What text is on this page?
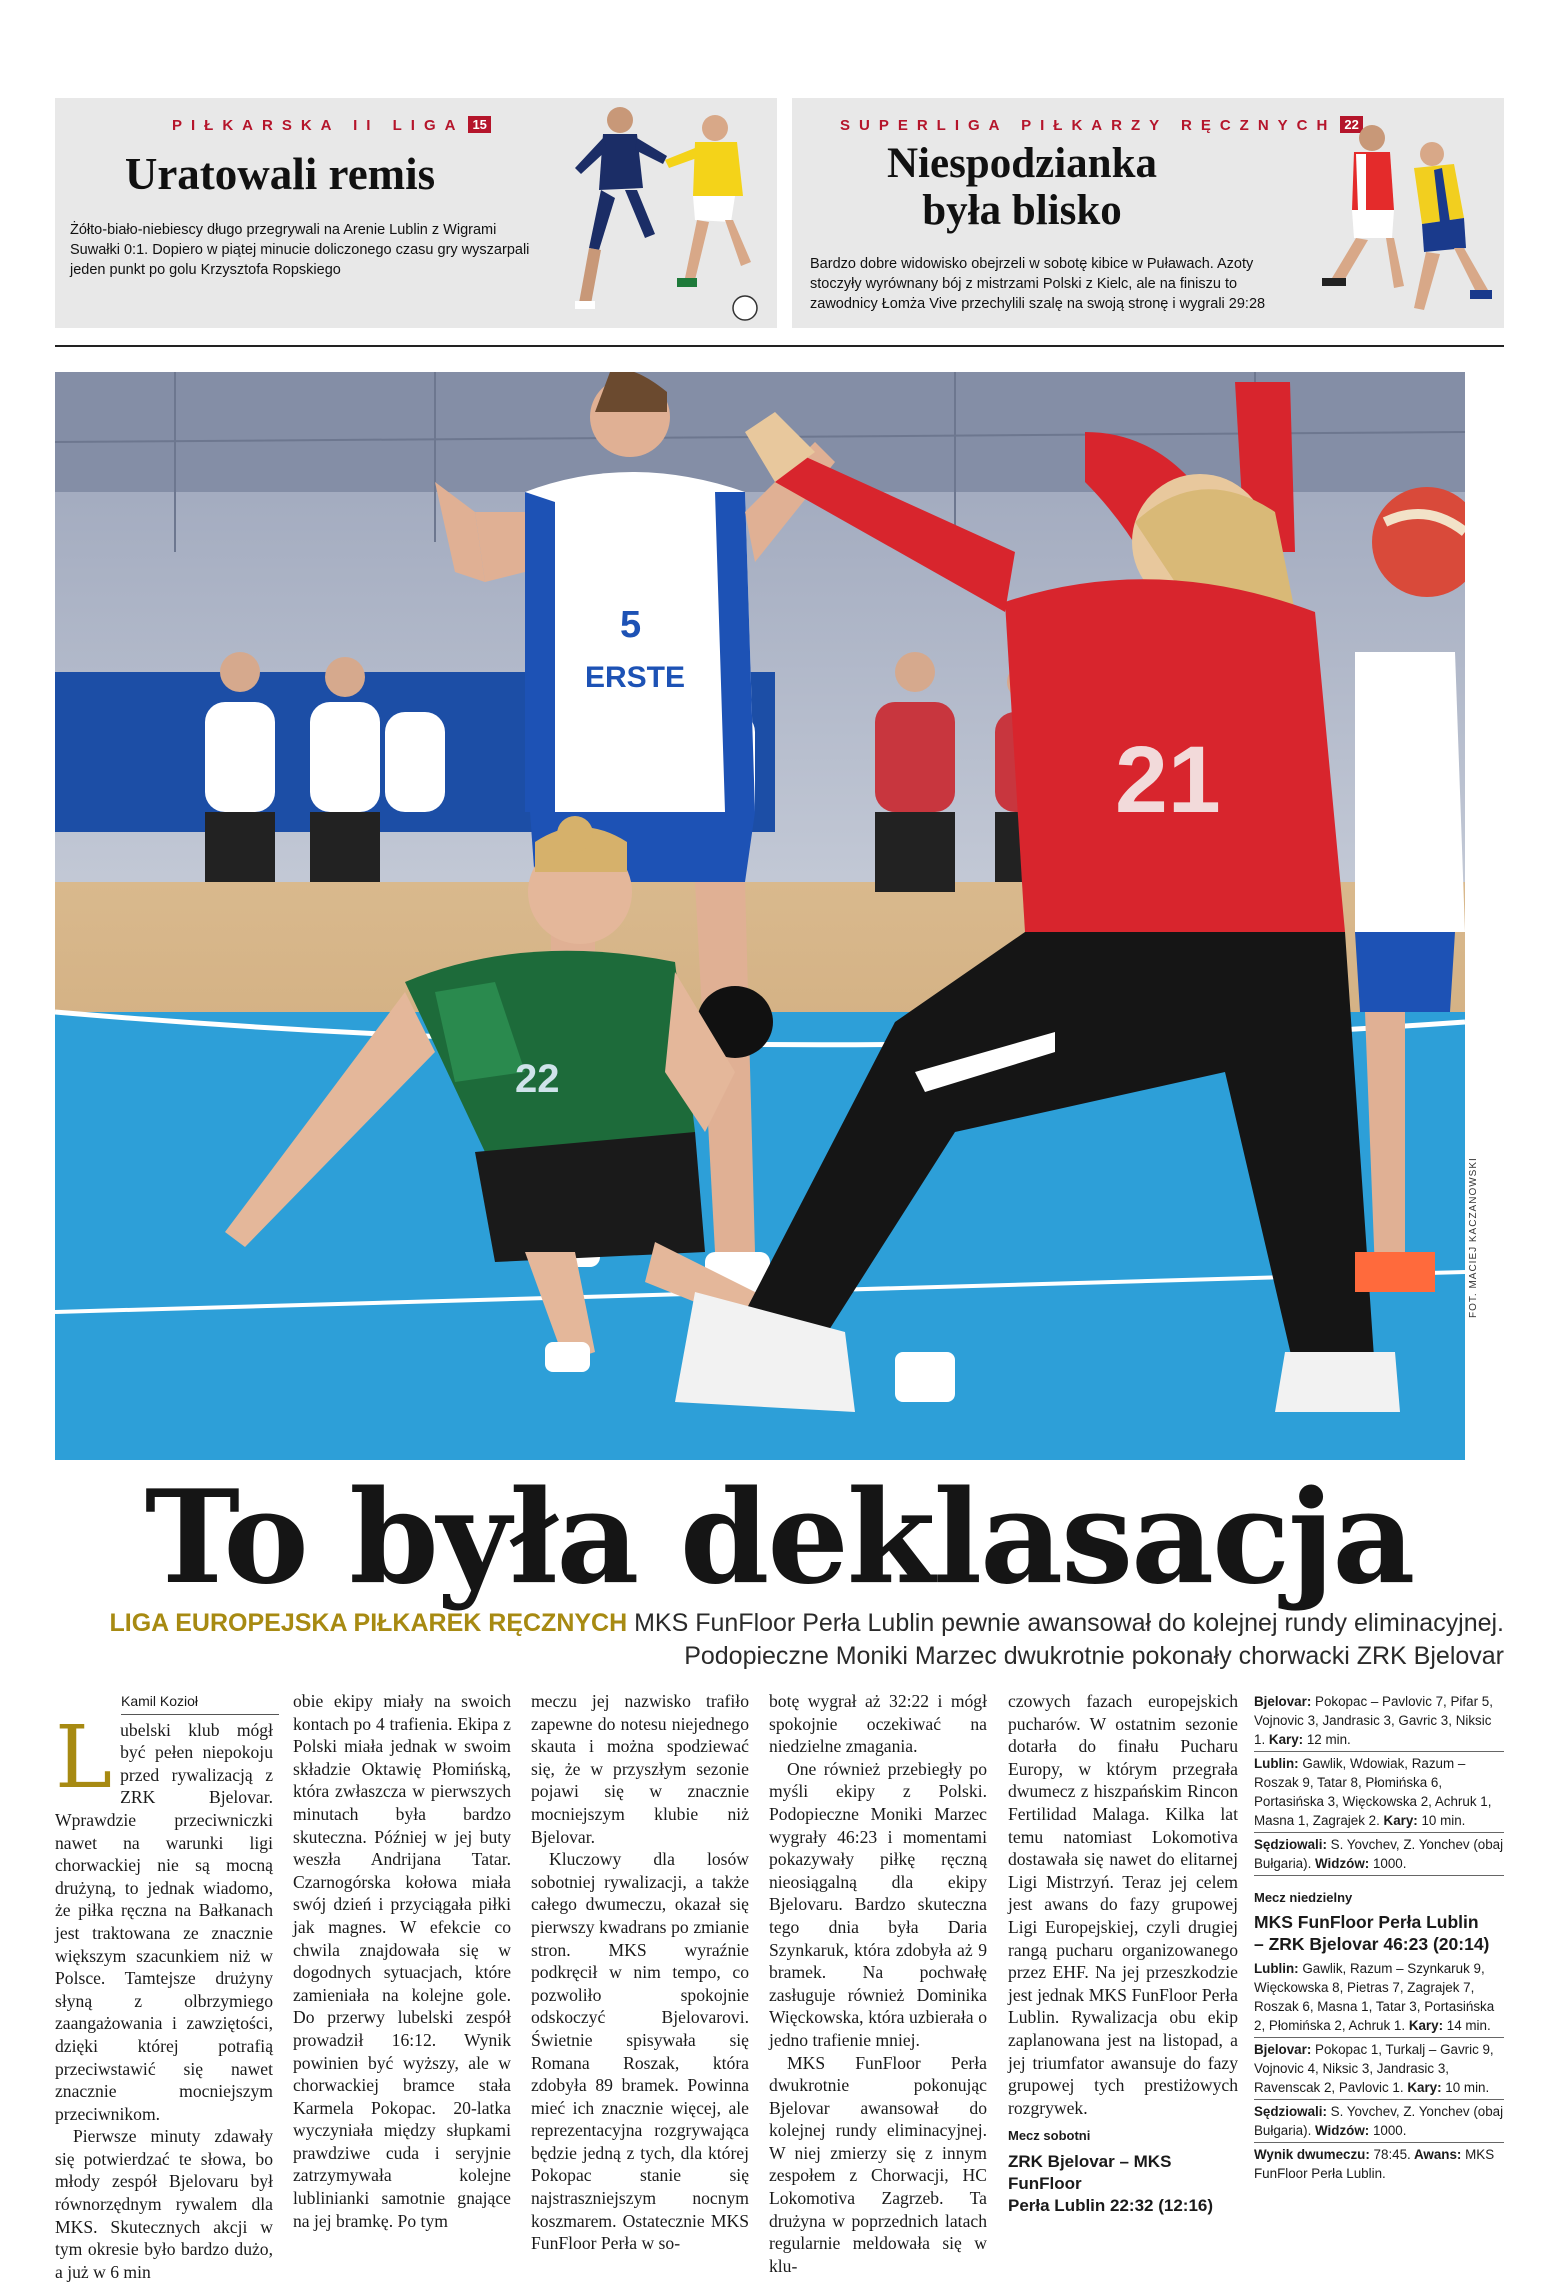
PIŁKARSKA II LIGA 15
Uratowali remis
Żółto-biało-niebiescy długo przegrywali na Arenie Lublin z Wigrami Suwałki 0:1. Dopiero w piątej minucie doliczonego czasu gry wyszarpali jeden punkt po golu Krzysztofa Ropskiego
SUPERLIGA PIŁKARZY RĘCZNYCH 22
Niespodzianka
była blisko
Bardzo dobre widowisko obejrzeli w sobotę kibice w Puławach. Azoty stoczyły wyrównany bój z mistrzami Polski z Kielc, ale na finiszu to zawodnicy Łomża Vive przechylili szalę na swoją stronę i wygrali 29:28
5
ERSTE
22
21
FOT. MACIEJ KACZANOWSKI
To była deklasacja
LIGA EUROPEJSKA PIŁKAREK RĘCZNYCH MKS FunFloor Perła Lublin pewnie awansował do kolejnej rundy eliminacyjnej.
Podopieczne Moniki Marzec dwukrotnie pokonały chorwacki ZRK Bjelovar
Kamil Kozioł

Lubelski klub mógł być pełen niepokoju przed rywalizacją z ZRK Bjelovar. Wprawdzie przeciwniczki nawet na warunki ligi chorwackiej nie są mocną drużyną, to jednak wiadomo, że piłka ręczna na Bałkanach jest traktowana ze znacznie większym szacunkiem niż w Polsce. Tamtejsze drużyny słyną z olbrzymiego zaangażowania i zawziętości, dzięki której potrafią przeciwstawić się nawet znacznie mocniejszym przeciwnikom.

Pierwsze minuty zdawały się potwierdzać te słowa, bo młody zespół Bjelovaru był równorzędnym rywalem dla MKS. Skutecznych akcji w tym okresie było bardzo dużo, a już w 6 min

obie ekipy miały na swoich kontach po 4 trafienia. Ekipa z Polski miała jednak w swoim składzie Oktawię Płomińską, która zwłaszcza w pierwszych minutach była bardzo skuteczna. Później w jej buty weszła Andrijana Tatar. Czarnogórska kołowa miała swój dzień i przyciągała piłki jak magnes. W efekcie co chwila znajdowała się w dogodnych sytuacjach, które zamieniała na kolejne gole. Do przerwy lubelski zespół prowadził 16:12. Wynik powinien być wyższy, ale w chorwackiej bramce stała Karmela Pokopac. 20-latka wyczyniała między słupkami prawdziwe cuda i seryjnie zatrzymywała kolejne lublinianki samotnie gnające na jej bramkę. Po tym

meczu jej nazwisko trafiło zapewne do notesu niejednego skauta i można spodziewać się, że w przyszłym sezonie pojawi się w znacznie mocniejszym klubie niż Bjelovar.

Kluczowy dla losów sobotniej rywalizacji, a także całego dwumeczu, okazał się pierwszy kwadrans po zmianie stron. MKS wyraźnie podkręcił w nim tempo, co pozwoliło spokojnie odskoczyć Bjelovarovi. Świetnie spisywała się Romana Roszak, która zdobyła 89 bramek. Powinna mieć ich znacznie więcej, ale reprezentacyjna rozgrywająca będzie jedną z tych, dla której Pokopac stanie się najstraszniejszym nocnym koszmarem. Ostatecznie MKS FunFloor Perła w so-

botę wygrał aż 32:22 i mógł spokojnie oczekiwać na niedzielne zmagania.

One również przebiegły po myśli ekipy z Polski. Podopieczne Moniki Marzec wygrały 46:23 i momentami pokazywały piłkę ręczną nieosiągalną dla ekipy Bjelovaru. Bardzo skuteczna tego dnia była Daria Szynkaruk, która zdobyła aż 9 bramek. Na pochwałę zasługuje również Dominika Więckowska, która uzbierała o jedno trafienie mniej.

MKS FunFloor Perła dwukrotnie pokonując Bjelovar awansował do kolejnej rundy eliminacyjnej. W niej zmierzy się z innym zespołem z Chorwacji, HC Lokomotiva Zagrzeb. Ta drużyna w poprzednich latach regularnie meldowała się w klu-

czowych fazach europejskich pucharów. W ostatnim sezonie dotarła do finału Pucharu Europy, w którym przegrała dwumecz z hiszpańskim Rincon Fertilidad Malaga. Kilka lat temu natomiast Lokomotiva dostawała się nawet do elitarnej Ligi Mistrzyń. Teraz jej celem jest awans do fazy grupowej Ligi Europejskiej, czyli drugiej rangą pucharu organizowanego przez EHF. Na jej przeszkodzie jest jednak MKS FunFloor Perła Lublin. Rywalizacja obu ekip zaplanowana jest na listopad, a jej triumfator awansuje do fazy grupowej tych prestiżowych rozgrywek.

Mecz sobotni
ZRK Bjelovar – MKS FunFloor
Perła Lublin 22:32 (12:16)

Bjelovar: Pokopac – Pavlovic 7, Pifar 5, Vojnovic 3, Jandrasic 3, Gavric 3, Niksic 1. Kary: 12 min.

Lublin: Gawlik, Wdowiak, Razum – Roszak 9, Tatar 8, Płomińska 6, Portasińska 3, Więckowska 2, Achruk 1, Masna 1, Zagrajek 2. Kary: 10 min.

Sędziowali: S. Yovchev, Z. Yonchev (obaj Bułgaria). Widzów: 1000.

Mecz niedzielny
MKS FunFloor Perła Lublin
– ZRK Bjelovar 46:23 (20:14)

Lublin: Gawlik, Razum – Szynkaruk 9, Więckowska 8, Pietras 7, Zagrajek 7, Roszak 6, Masna 1, Tatar 3, Portasińska 2, Płomińska 2, Achruk 1. Kary: 14 min.

Bjelovar: Pokopac 1, Turkalj – Gavric 9, Vojnovic 4, Niksic 3, Jandrasic 3, Ravenscak 2, Pavlovic 1. Kary: 10 min.

Sędziowali: S. Yovchev, Z. Yonchev (obaj Bułgaria). Widzów: 1000.

Wynik dwumeczu: 78:45. Awans: MKS FunFloor Perła Lublin.
